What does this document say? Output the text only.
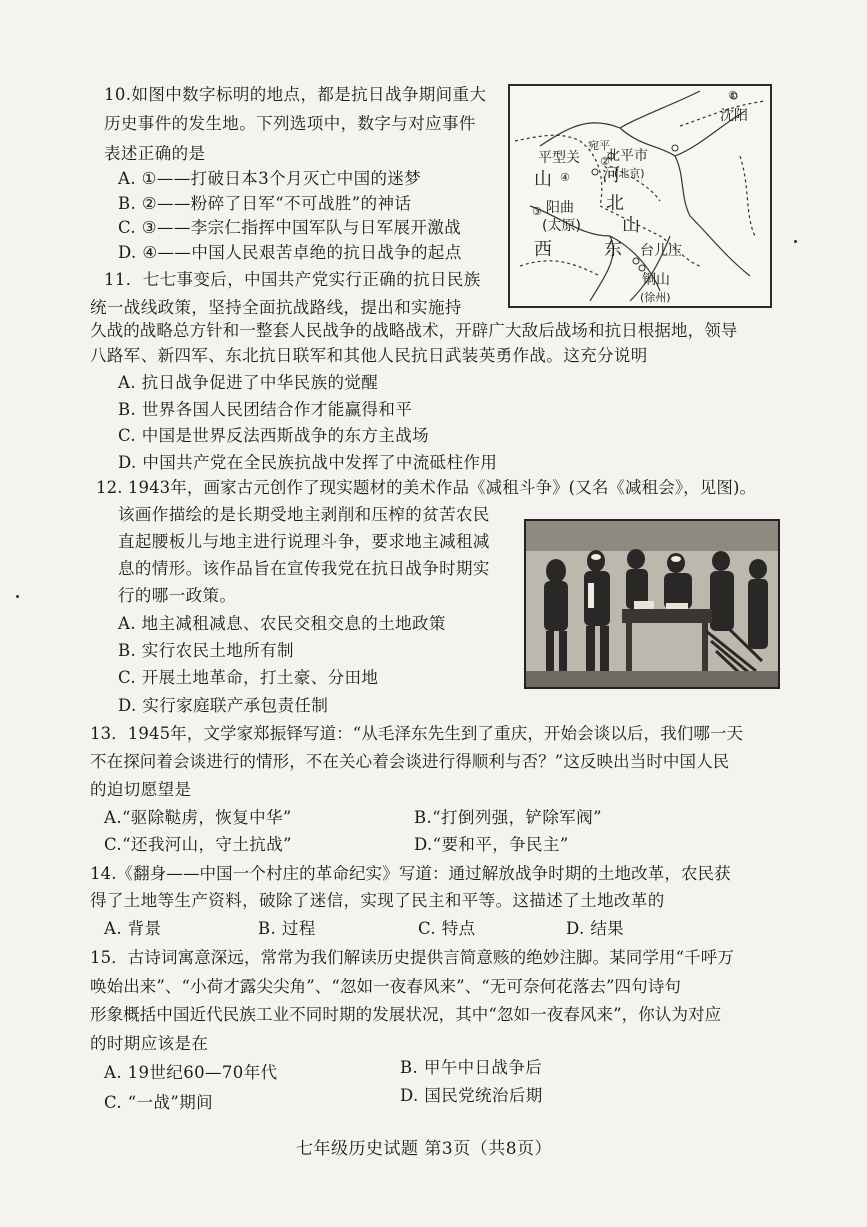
10.如图中数字标明的地点，都是抗日战争期间重大
历史事件的发生地。下列选项中，数字与对应事件
表述正确的是
A. ①——打破日本3个月灭亡中国的迷梦
B. ②——粉碎了日军“不可战胜”的神话
C. ③——李宗仁指挥中国军队与日军展开激战
D. ④——中国人民艰苦卓绝的抗日战争的起点
①
沈阳
②
宛平
北平市
(北京)
平型关
④
山	河
③ 阳曲 北
(太原) 山
西	东 台儿庄
铜山
(徐州)
11．七七事变后，中国共产党实行正确的抗日民族
统一战线政策，坚持全面抗战路线，提出和实施持
久战的战略总方针和一整套人民战争的战略战术，开辟广大敌后战场和抗日根据地，领导
八路军、新四军、东北抗日联军和其他人民抗日武装英勇作战。这充分说明
A. 抗日战争促进了中华民族的觉醒
B. 世界各国人民团结合作才能赢得和平
C. 中国是世界反法西斯战争的东方主战场
D. 中国共产党在全民族抗战中发挥了中流砥柱作用
12. 1943年，画家古元创作了现实题材的美术作品《减租斗争》(又名《减租会》，见图)。
该画作描绘的是长期受地主剥削和压榨的贫苦农民
直起腰板儿与地主进行说理斗争，要求地主减租减
息的情形。该作品旨在宣传我党在抗日战争时期实
行的哪一政策。
A. 地主减租减息、农民交租交息的土地政策
B. 实行农民土地所有制
C. 开展土地革命，打土豪、分田地
D. 实行家庭联产承包责任制
13．1945年，文学家郑振铎写道：“从毛泽东先生到了重庆，开始会谈以后，我们哪一天
不在探问着会谈进行的情形，不在关心着会谈进行得顺利与否？”这反映出当时中国人民
的迫切愿望是
A.“驱除鞑虏，恢复中华”	B.“打倒列强，铲除军阀”
C.“还我河山，守土抗战”	D.“要和平，争民主”
14.《翻身——中国一个村庄的革命纪实》写道：通过解放战争时期的土地改革，农民获
得了土地等生产资料，破除了迷信，实现了民主和平等。这描述了土地改革的
A. 背景	B. 过程	C. 特点	D. 结果
15．古诗词寓意深远，常常为我们解读历史提供言简意赅的绝妙注脚。某同学用“千呼万
唤始出来”、“小荷才露尖尖角”、“忽如一夜春风来”、“无可奈何花落去”四句诗句
形象概括中国近代民族工业不同时期的发展状况，其中“忽如一夜春风来”，你认为对应
的时期应该是在
A. 19世纪60—70年代	B. 甲午中日战争后
C. “一战”期间	D. 国民党统治后期
七年级历史试题 第3页（共8页）
